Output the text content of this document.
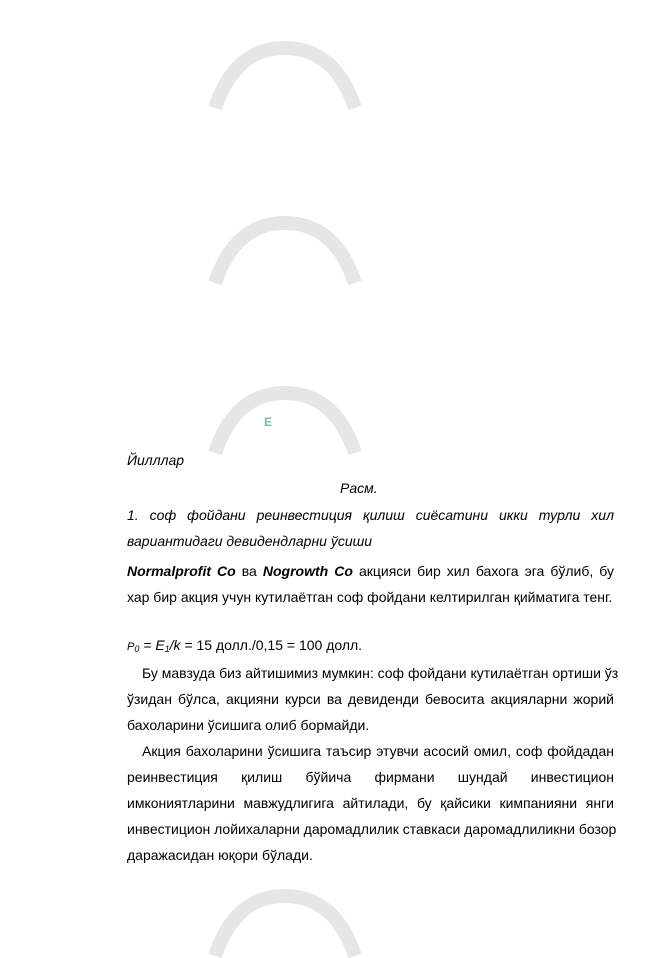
Е
Йилллар
Расм.
1. соф фойдани реинвестиция қилиш сиёсатини икки турли хил
вариантидаги девидендларни ўсиши
Normalprofit Co ва Nogrowth Co акцияси бир хил бахога эга бўлиб, бу
хар бир акция учун кутилаётган соф фойдани келтирилган қийматига тенг.
$P_0 = E_1/k = 15$ долл./0,15 = 100 долл.
Бу мавзуда биз айтишимиз мумкин: соф фойдани кутилаётган ортиши ўз
ўзидан бўлса, акцияни курси ва девиденди бевосита акцияларни жорий
бахоларини ўсишига олиб бормайди.
Акция бахоларини ўсишига таъсир этувчи асосий омил, соф фойдадан
реинвестиция қилиш бўйича фирмани шундай инвестицион
имкониятларини мавжудлигига айтилади, бу қайсики кимпанияни янги
инвестицион лойихаларни даромадлилик ставкаси даромадлиликни бозор
даражасидан юқори бўлади.
